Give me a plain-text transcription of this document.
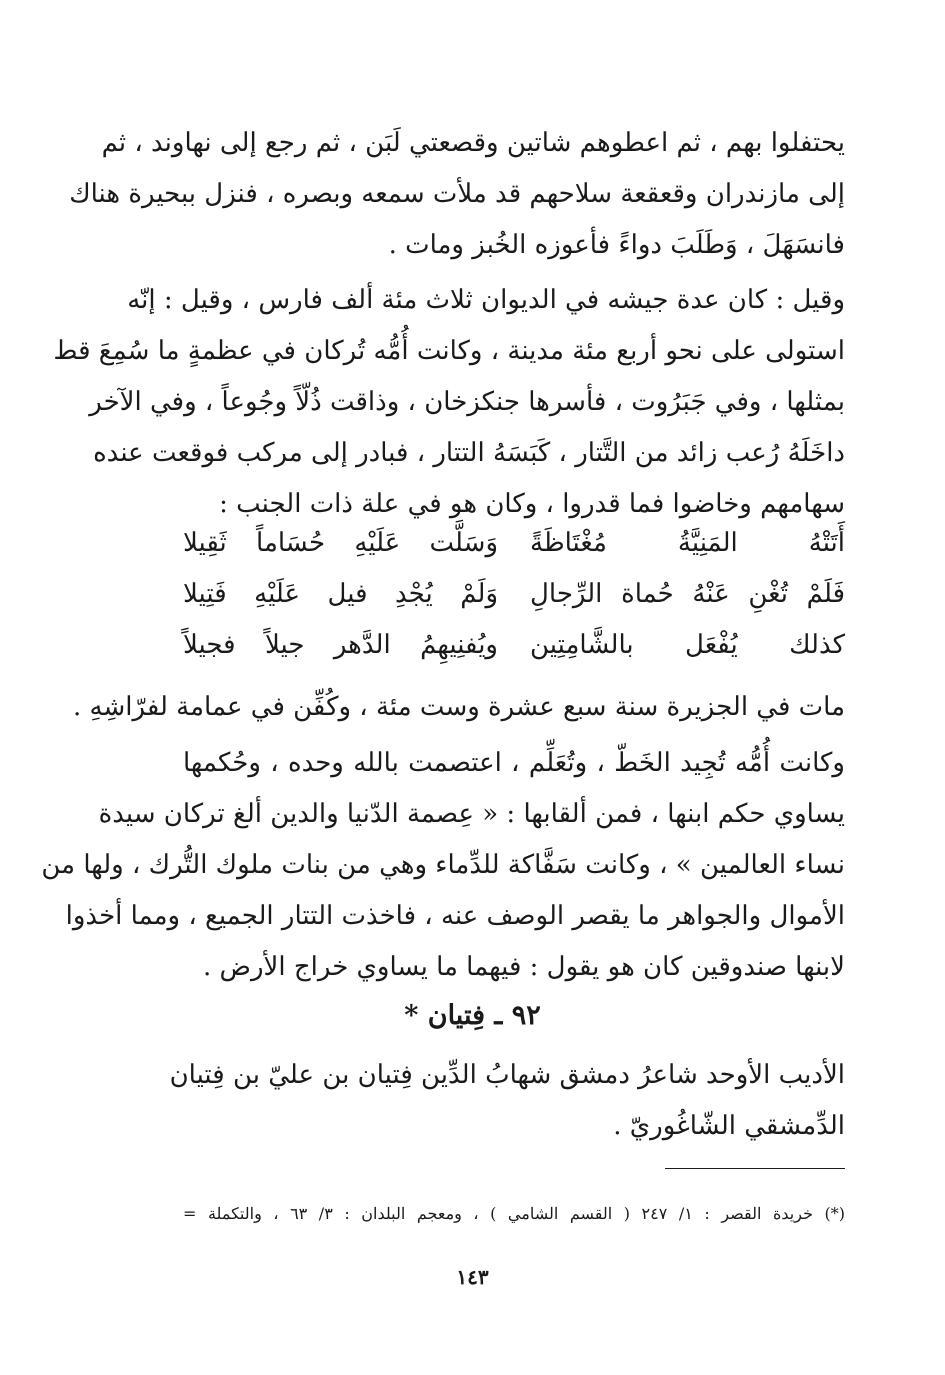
يحتفلوا بهم ، ثم اعطوهم شاتين وقصعتي لَبَن ، ثم رجع إلى نهاوند ، ثم
إلى مازندران وقعقعة سلاحهم قد ملأت سمعه وبصره ، فنزل ببحيرة هناك
فانسَهَلَ ، وَطَلَبَ دواءً فأعوزه الخُبز ومات .
وقيل : كان عدة جيشه في الديوان ثلاث مئة ألف فارس ، وقيل : إنّه
استولى على نحو أربع مئة مدينة ، وكانت أُمُّه تُركان في عظمةٍ ما سُمِعَ قط
بمثلها ، وفي جَبَرُوت ، فأسرها جنكزخان ، وذاقت ذُلّاً وجُوعاً ، وفي الآخر
داخَلَهُ رُعب زائد من التَّتار ، كَبَسَهُ التتار ، فبادر إلى مركب فوقعت عنده
سهامهم وخاضوا فما قدروا ، وكان هو في علة ذات الجنب :
أَتَتْهُ المَنِيَّةُ مُغْتَاظَةً
وَسَلَّت عَلَيْهِ حُسَاماً ثَقِيلا
فَلَمْ تُغْنِ عَنْهُ حُماة الرِّجالِ
وَلَمْ يُجْدِ فيل عَلَيْهِ فَتِيلا
كذلك يُفْعَل بالشَّامِتِين
ويُفنِيهِمُ الدَّهر جيلاً فجيلاً
مات في الجزيرة سنة سبع عشرة وست مئة ، وكُفِّن في عمامة لفرّاشِهِ .
وكانت أُمُّه تُجِيد الخَطّ ، وتُعَلِّم ، اعتصمت بالله وحده ، وحُكمها
يساوي حكم ابنها ، فمن ألقابها : « عِصمة الدّنيا والدين ألغ تركان سيدة
نساء العالمين » ، وكانت سَفَّاكة للدِّماء وهي من بنات ملوك التُّرك ، ولها من
الأموال والجواهر ما يقصر الوصف عنه ، فاخذت التتار الجميع ، ومما أخذوا
لابنها صندوقين كان هو يقول : فيهما ما يساوي خراج الأرض .
٩٢ ـ فِتيان *
الأديب الأوحد شاعرُ دمشق شهابُ الدِّين فِتيان بن عليّ بن فِتيان
الدِّمشقي الشّاغُوريّ .
(*) خريدة القصر : ١/ ٢٤٧ ( القسم الشامي ) ، ومعجم البلدان : ٣/ ٦٣ ، والتكملة =
١٤٣
